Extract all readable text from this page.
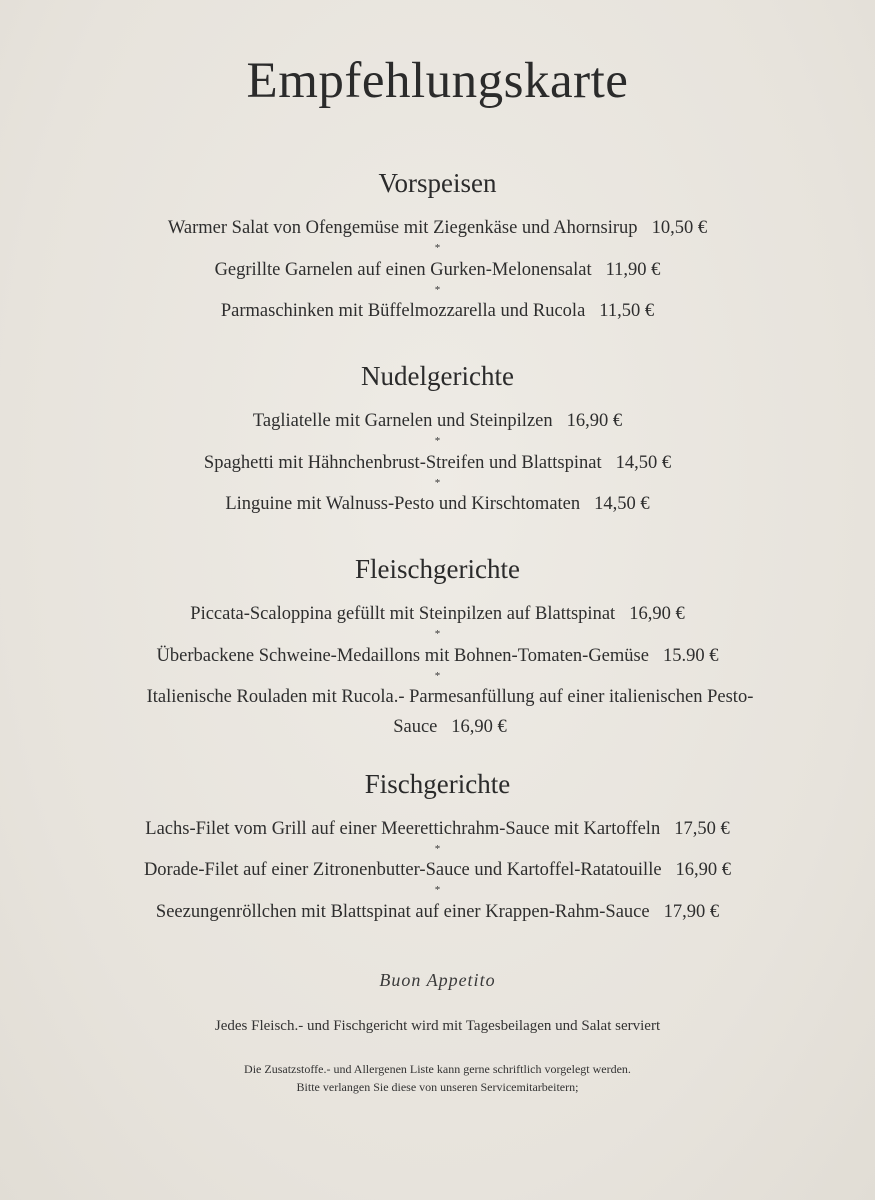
Empfehlungskarte
Vorspeisen
Warmer Salat von Ofengemüse mit Ziegenkäse und Ahornsirup 10,50 €
*
Gegrillte Garnelen auf einen Gurken-Melonensalat 11,90 €
*
Parmaschinken mit Büffelmozzarella und Rucola 11,50 €
Nudelgerichte
Tagliatelle mit Garnelen und Steinpilzen 16,90 €
*
Spaghetti mit Hähnchenbrust-Streifen und Blattspinat 14,50 €
*
Linguine mit Walnuss-Pesto und Kirschtomaten 14,50 €
Fleischgerichte
Piccata-Scaloppina gefüllt mit Steinpilzen auf Blattspinat 16,90 €
*
Überbackene Schweine-Medaillons mit Bohnen-Tomaten-Gemüse 15.90 €
*
Italienische Rouladen mit Rucola.- Parmesanfüllung auf einer italienischen Pesto-Sauce 16,90 €
Fischgerichte
Lachs-Filet vom Grill auf einer Meerettichrahm-Sauce mit Kartoffeln 17,50 €
*
Dorade-Filet auf einer Zitronenbutter-Sauce und Kartoffel-Ratatouille 16,90 €
*
Seezungenröllchen mit Blattspinat auf einer Krappen-Rahm-Sauce 17,90 €
Buon Appetito
Jedes Fleisch.- und Fischgericht wird mit Tagesbeilagen und Salat serviert
Die Zusatzstoffe.- und Allergenen Liste kann gerne schriftlich vorgelegt werden.
Bitte verlangen Sie diese von unseren Servicemitarbeitern;
